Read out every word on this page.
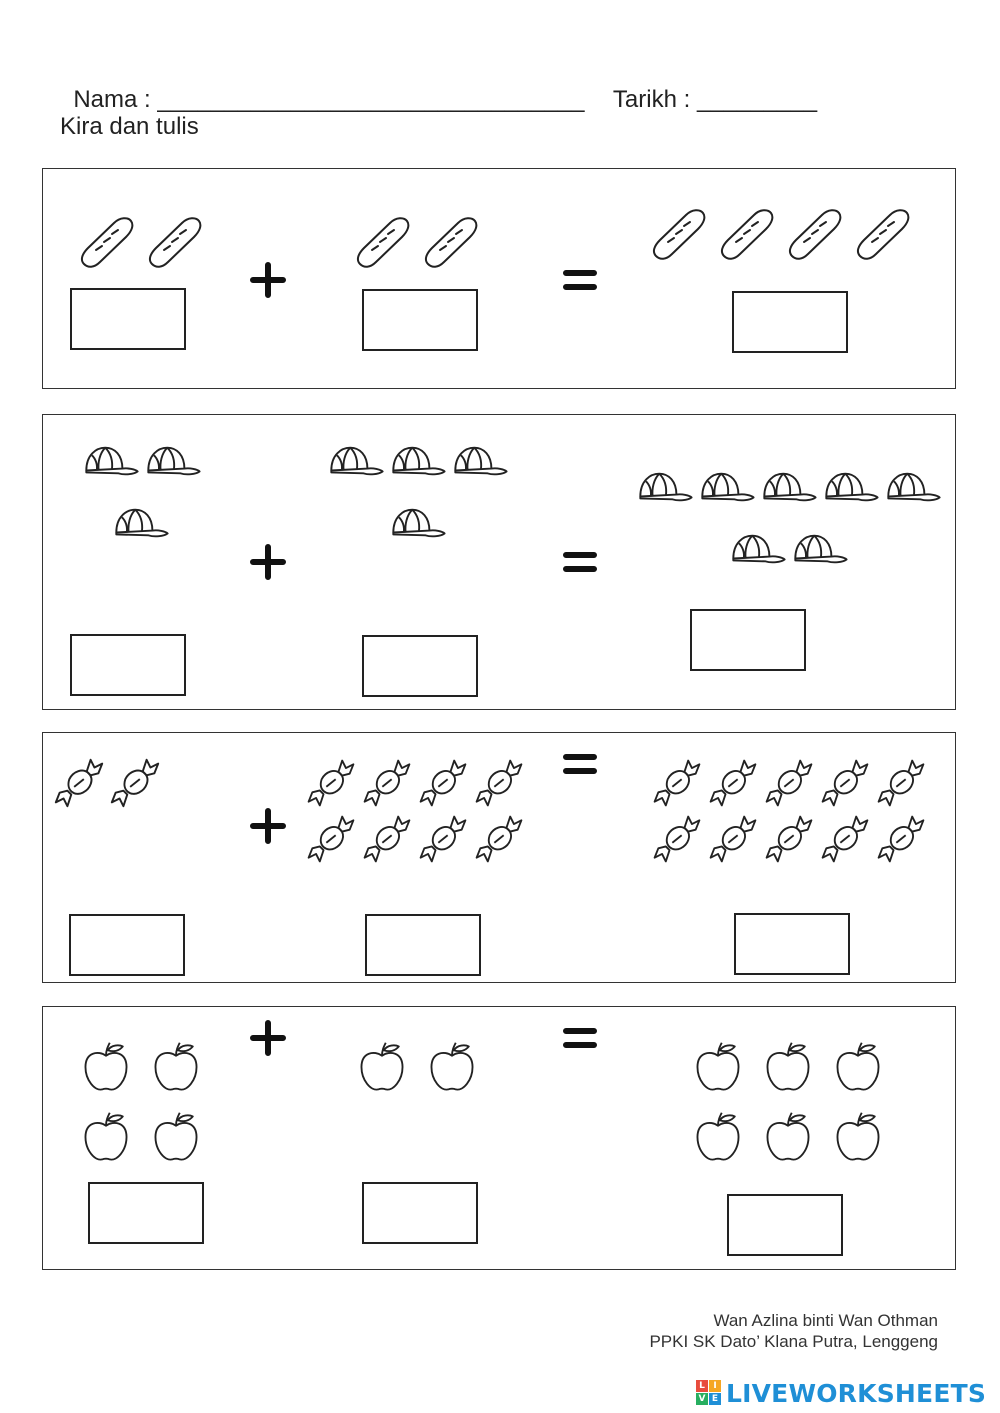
Nama : ________________________________	Tarikh : _________

Kira dan tulis
Wan Azlina binti Wan Othman
PPKI SK Dato’ Klana Putra, Lenggeng
L I
V E LIVEWORKSHEETS
